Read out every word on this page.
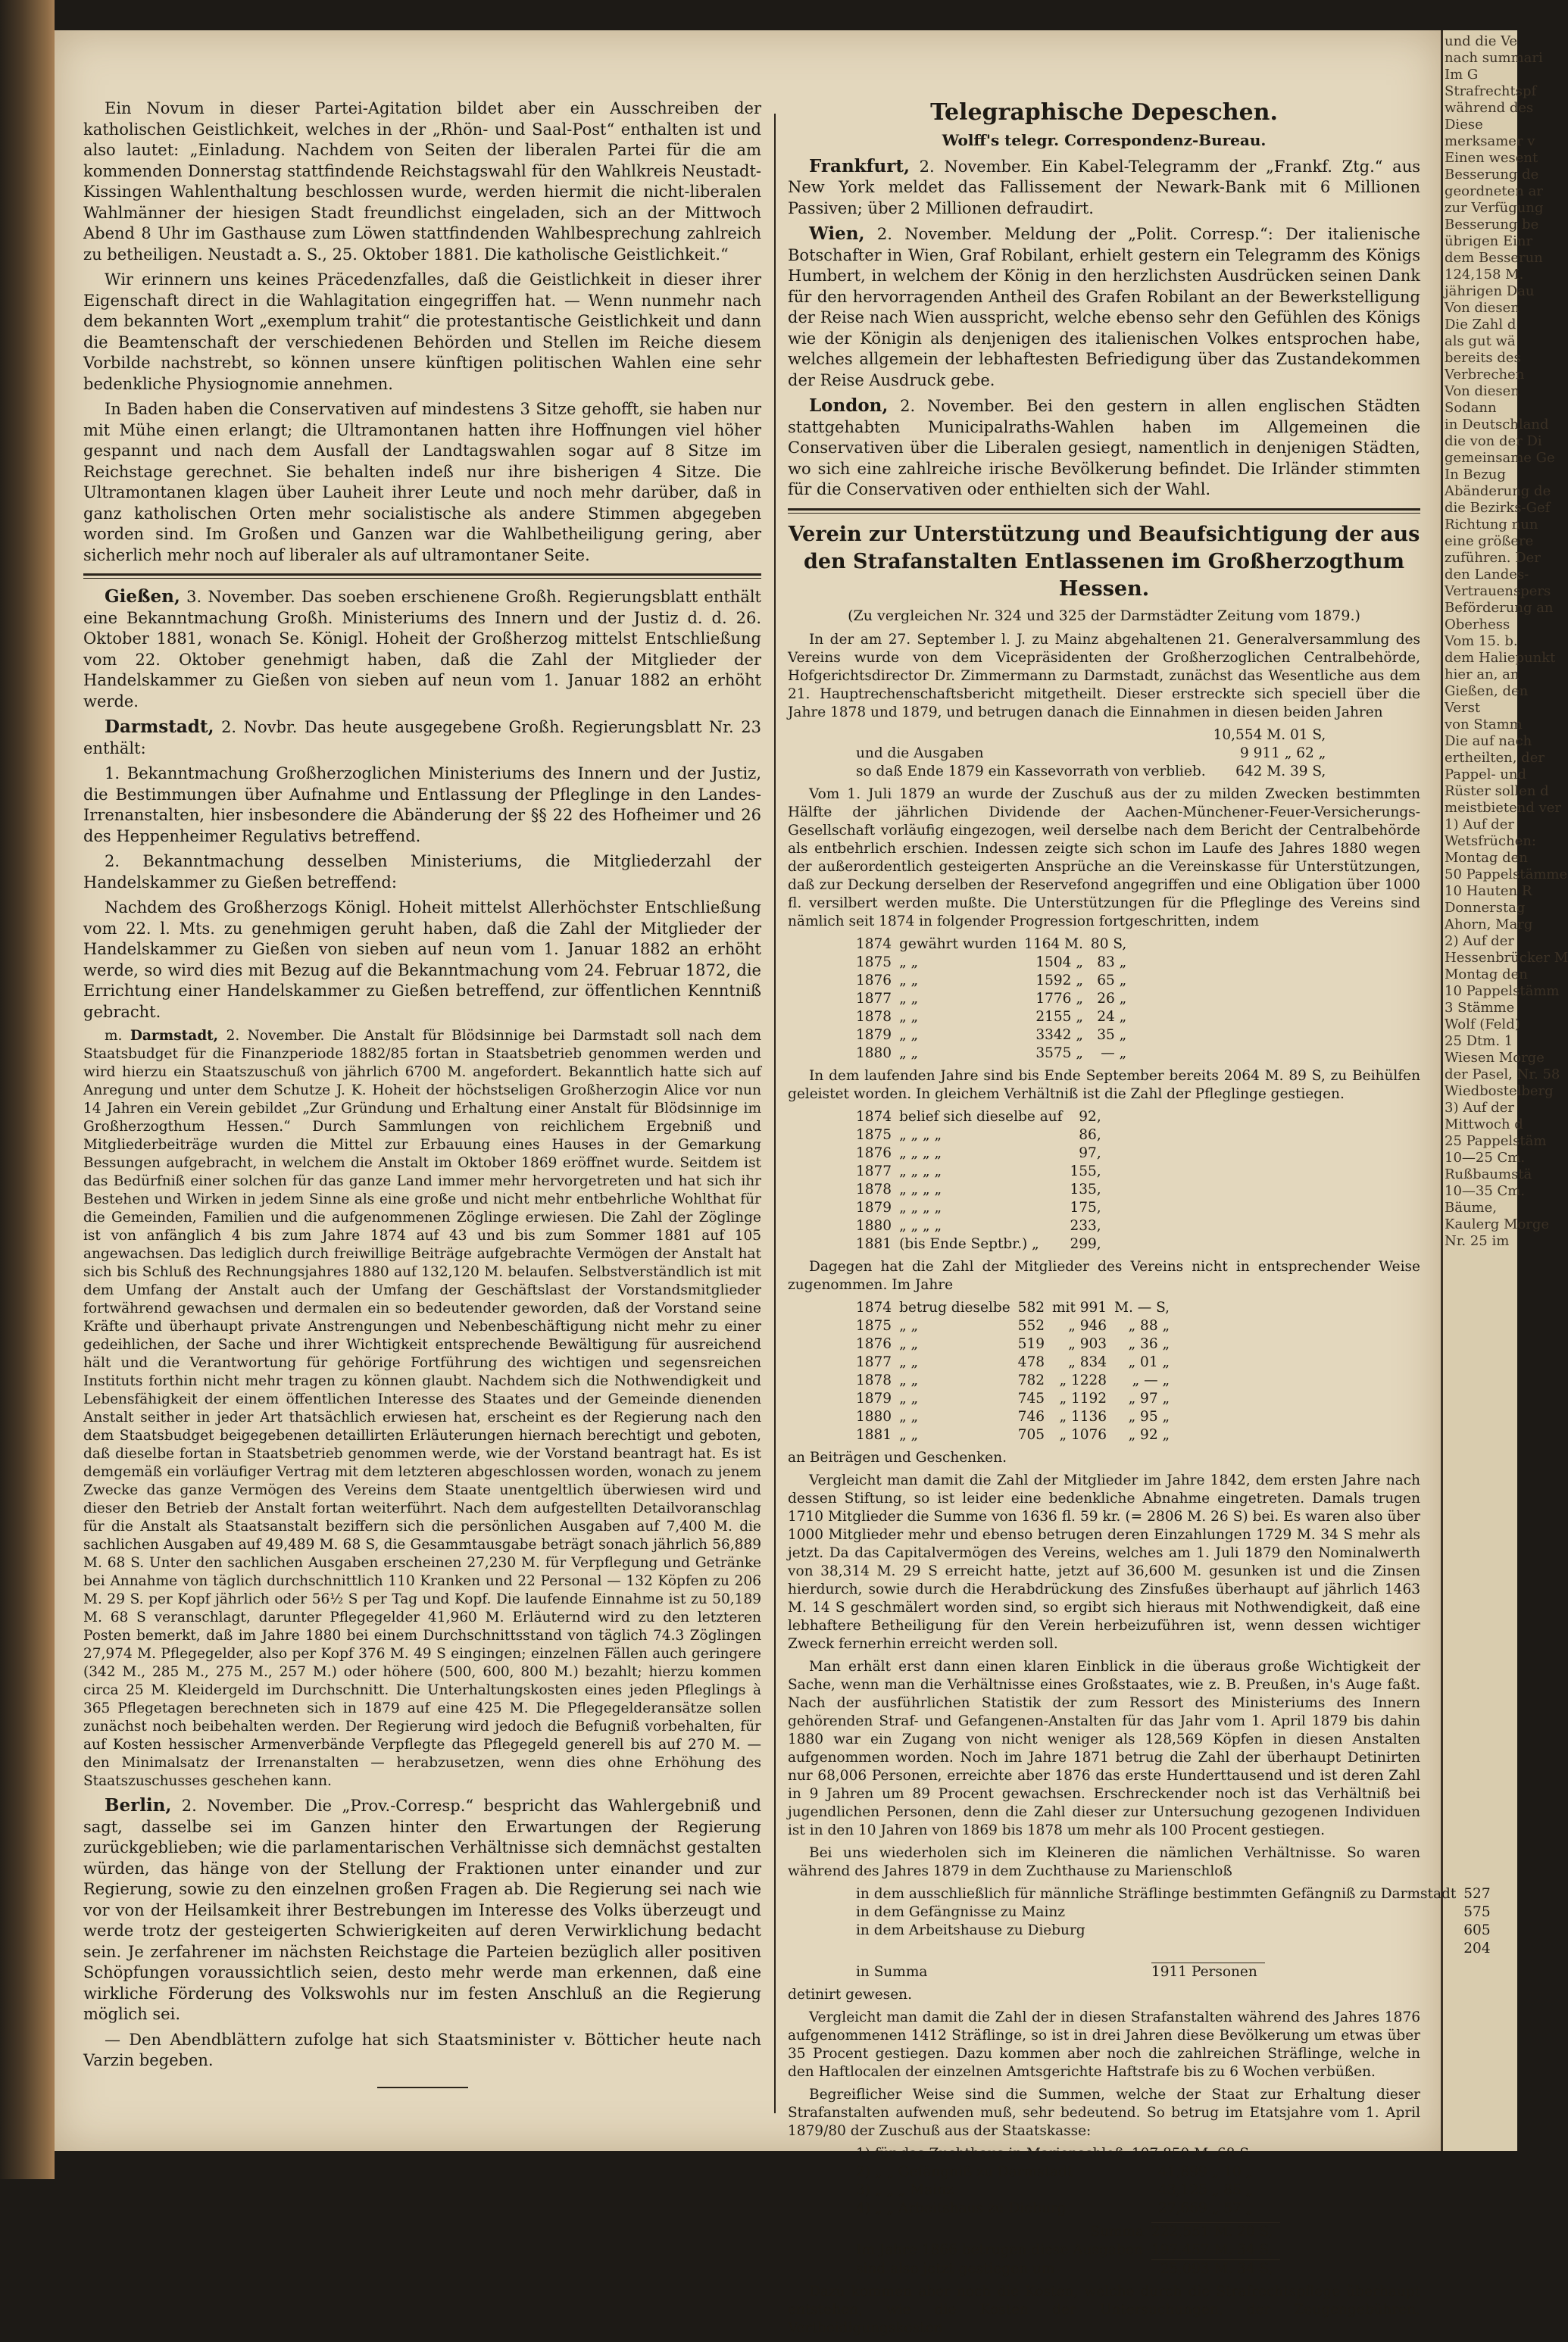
und die Ve
nach summari
Im G
Strafrechtspf
während des
Diese
merksamer v
Einen wesent
Besserung de
geordneten ar
zur Verfügung
Besserung be
übrigen Einr
dem Besserun
124,158 M.
jährigen Dau
Von diesen
Die Zahl d
als gut wä
bereits des
Verbrechen
Von diesen
Sodann
in Deutschland
die von der Di
gemeinsame Ge
In Bezug
Abänderung de
die Bezirks-Gef
Richtung nun
eine größere
zuführen. Der
den Landes-
Vertrauenspers
Beförderung an
Oberhess
Vom 15. b.
dem Haliepunkt
hier an, an
Gießen, den
Verst
von Stamm
Die auf nach
ertheilten, der
Pappel- und
Rüster sollen d
meistbietend ver
1) Auf der
Wetsfrüchen:
Montag den
50 Pappelstämme
10 Hauten R
Donnerstag
Ahorn, Marg
2) Auf der
Hessenbrücker M
Montag den
10 Pappelstämm
3 Stämme
Wolf (Feld)
25 Dtm. 1
Wiesen Morge
der Pasel, Nr. 58
Wiedbostelberg
3) Auf der
Mittwoch d
25 Pappelstäm
10—25 Cm.
Rußbaumstä
10—35 Cm.
Bäume,
Kaulerg Morge
Nr. 25 im

Ein Novum in dieser Partei-Agitation bildet aber ein Ausschreiben der katholischen Geistlichkeit, welches in der „Rhön- und Saal-Post“ enthalten ist und also lautet: „Einladung. Nachdem von Seiten der liberalen Partei für die am kommenden Donnerstag stattfindende Reichstagswahl für den Wahlkreis Neustadt-Kissingen Wahlenthaltung beschlossen wurde, werden hiermit die nicht-liberalen Wahlmänner der hiesigen Stadt freundlichst eingeladen, sich an der Mittwoch Abend 8 Uhr im Gasthause zum Löwen stattfindenden Wahlbesprechung zahlreich zu betheiligen. Neustadt a. S., 25. Oktober 1881. Die katholische Geistlichkeit.“

Wir erinnern uns keines Präcedenzfalles, daß die Geistlichkeit in dieser ihrer Eigenschaft direct in die Wahlagitation eingegriffen hat. — Wenn nunmehr nach dem bekannten Wort „exemplum trahit“ die protestantische Geistlichkeit und dann die Beamtenschaft der verschiedenen Behörden und Stellen im Reiche diesem Vorbilde nachstrebt, so können unsere künftigen politischen Wahlen eine sehr bedenkliche Physiognomie annehmen.

In Baden haben die Conservativen auf mindestens 3 Sitze gehofft, sie haben nur mit Mühe einen erlangt; die Ultramontanen hatten ihre Hoffnungen viel höher gespannt und nach dem Ausfall der Landtagswahlen sogar auf 8 Sitze im Reichstage gerechnet. Sie behalten indeß nur ihre bisherigen 4 Sitze. Die Ultramontanen klagen über Lauheit ihrer Leute und noch mehr darüber, daß in ganz katholischen Orten mehr socialistische als andere Stimmen abgegeben worden sind. Im Großen und Ganzen war die Wahlbetheiligung gering, aber sicherlich mehr noch auf liberaler als auf ultramontaner Seite.

Gießen, 3. November. Das soeben erschienene Großh. Regierungsblatt enthält eine Bekanntmachung Großh. Ministeriums des Innern und der Justiz d. d. 26. Oktober 1881, wonach Se. Königl. Hoheit der Großherzog mittelst Entschließung vom 22. Oktober genehmigt haben, daß die Zahl der Mitglieder der Handelskammer zu Gießen von sieben auf neun vom 1. Januar 1882 an erhöht werde.

Darmstadt, 2. Novbr. Das heute ausgegebene Großh. Regierungsblatt Nr. 23 enthält:

1. Bekanntmachung Großherzoglichen Ministeriums des Innern und der Justiz, die Bestimmungen über Aufnahme und Entlassung der Pfleglinge in den Landes-Irrenanstalten, hier insbesondere die Abänderung der §§ 22 des Hofheimer und 26 des Heppenheimer Regulativs betreffend.

2. Bekanntmachung desselben Ministeriums, die Mitgliederzahl der Handelskammer zu Gießen betreffend:

Nachdem des Großherzogs Königl. Hoheit mittelst Allerhöchster Entschließung vom 22. l. Mts. zu genehmigen geruht haben, daß die Zahl der Mitglieder der Handelskammer zu Gießen von sieben auf neun vom 1. Januar 1882 an erhöht werde, so wird dies mit Bezug auf die Bekanntmachung vom 24. Februar 1872, die Errichtung einer Handelskammer zu Gießen betreffend, zur öffentlichen Kenntniß gebracht.

m. Darmstadt, 2. November. Die Anstalt für Blödsinnige bei Darmstadt soll nach dem Staatsbudget für die Finanzperiode 1882/85 fortan in Staatsbetrieb genommen werden und wird hierzu ein Staatszuschuß von jährlich 6700 M. angefordert. Bekanntlich hatte sich auf Anregung und unter dem Schutze J. K. Hoheit der höchstseligen Großherzogin Alice vor nun 14 Jahren ein Verein gebildet „Zur Gründung und Erhaltung einer Anstalt für Blödsinnige im Großherzogthum Hessen.“ Durch Sammlungen von reichlichem Ergebniß und Mitgliederbeiträge wurden die Mittel zur Erbauung eines Hauses in der Gemarkung Bessungen aufgebracht, in welchem die Anstalt im Oktober 1869 eröffnet wurde. Seitdem ist das Bedürfniß einer solchen für das ganze Land immer mehr hervorgetreten und hat sich ihr Bestehen und Wirken in jedem Sinne als eine große und nicht mehr entbehrliche Wohlthat für die Gemeinden, Familien und die aufgenommenen Zöglinge erwiesen. Die Zahl der Zöglinge ist von anfänglich 4 bis zum Jahre 1874 auf 43 und bis zum Sommer 1881 auf 105 angewachsen. Das lediglich durch freiwillige Beiträge aufgebrachte Vermögen der Anstalt hat sich bis Schluß des Rechnungsjahres 1880 auf 132,120 M. belaufen. Selbstverständlich ist mit dem Umfang der Anstalt auch der Umfang der Geschäftslast der Vorstandsmitglieder fortwährend gewachsen und dermalen ein so bedeutender geworden, daß der Vorstand seine Kräfte und überhaupt private Anstrengungen und Nebenbeschäftigung nicht mehr zu einer gedeihlichen, der Sache und ihrer Wichtigkeit entsprechende Bewältigung für ausreichend hält und die Verantwortung für gehörige Fortführung des wichtigen und segensreichen Instituts forthin nicht mehr tragen zu können glaubt. Nachdem sich die Nothwendigkeit und Lebensfähigkeit der einem öffentlichen Interesse des Staates und der Gemeinde dienenden Anstalt seither in jeder Art thatsächlich erwiesen hat, erscheint es der Regierung nach den dem Staatsbudget beigegebenen detaillirten Erläuterungen hiernach berechtigt und geboten, daß dieselbe fortan in Staatsbetrieb genommen werde, wie der Vorstand beantragt hat. Es ist demgemäß ein vorläufiger Vertrag mit dem letzteren abgeschlossen worden, wonach zu jenem Zwecke das ganze Vermögen des Vereins dem Staate unentgeltlich überwiesen wird und dieser den Betrieb der Anstalt fortan weiterführt. Nach dem aufgestellten Detailvoranschlag für die Anstalt als Staatsanstalt beziffern sich die persönlichen Ausgaben auf 7,400 M. die sachlichen Ausgaben auf 49,489 M. 68 S, die Gesammtausgabe beträgt sonach jährlich 56,889 M. 68 S. Unter den sachlichen Ausgaben erscheinen 27,230 M. für Verpflegung und Getränke bei Annahme von täglich durchschnittlich 110 Kranken und 22 Personal — 132 Köpfen zu 206 M. 29 S. per Kopf jährlich oder 56½ S per Tag und Kopf. Die laufende Einnahme ist zu 50,189 M. 68 S veranschlagt, darunter Pflegegelder 41,960 M. Erläuternd wird zu den letzteren Posten bemerkt, daß im Jahre 1880 bei einem Durchschnittsstand von täglich 74.3 Zöglingen 27,974 M. Pflegegelder, also per Kopf 376 M. 49 S eingingen; einzelnen Fällen auch geringere (342 M., 285 M., 275 M., 257 M.) oder höhere (500, 600, 800 M.) bezahlt; hierzu kommen circa 25 M. Kleidergeld im Durchschnitt. Die Unterhaltungskosten eines jeden Pfleglings à 365 Pflegetagen berechneten sich in 1879 auf eine 425 M. Die Pflegegelderansätze sollen zunächst noch beibehalten werden. Der Regierung wird jedoch die Befugniß vorbehalten, für auf Kosten hessischer Armenverbände Verpflegte das Pflegegeld generell bis auf 270 M. — den Minimalsatz der Irrenanstalten — herabzusetzen, wenn dies ohne Erhöhung des Staatszuschusses geschehen kann.

Berlin, 2. November. Die „Prov.-Corresp.“ bespricht das Wahlergebniß und sagt, dasselbe sei im Ganzen hinter den Erwartungen der Regierung zurückgeblieben; wie die parlamentarischen Verhältnisse sich demnächst gestalten würden, das hänge von der Stellung der Fraktionen unter einander und zur Regierung, sowie zu den einzelnen großen Fragen ab. Die Regierung sei nach wie vor von der Heilsamkeit ihrer Bestrebungen im Interesse des Volks überzeugt und werde trotz der gesteigerten Schwierigkeiten auf deren Verwirklichung bedacht sein. Je zerfahrener im nächsten Reichstage die Parteien bezüglich aller positiven Schöpfungen voraussichtlich seien, desto mehr werde man erkennen, daß eine wirkliche Förderung des Volkswohls nur im festen Anschluß an die Regierung möglich sei.

— Den Abendblättern zufolge hat sich Staatsminister v. Bötticher heute nach Varzin begeben.

Telegraphische Depeschen.

Wolff's telegr. Correspondenz-Bureau.

Frankfurt, 2. November. Ein Kabel-Telegramm der „Frankf. Ztg.“ aus New York meldet das Fallissement der Newark-Bank mit 6 Millionen Passiven; über 2 Millionen defraudirt.

Wien, 2. November. Meldung der „Polit. Corresp.“: Der italienische Botschafter in Wien, Graf Robilant, erhielt gestern ein Telegramm des Königs Humbert, in welchem der König in den herzlichsten Ausdrücken seinen Dank für den hervorragenden Antheil des Grafen Robilant an der Bewerkstelligung der Reise nach Wien ausspricht, welche ebenso sehr den Gefühlen des Königs wie der Königin als denjenigen des italienischen Volkes entsprochen habe, welches allgemein der lebhaftesten Befriedigung über das Zustandekommen der Reise Ausdruck gebe.

London, 2. November. Bei den gestern in allen englischen Städten stattgehabten Municipalraths-Wahlen haben im Allgemeinen die Conservativen über die Liberalen gesiegt, namentlich in denjenigen Städten, wo sich eine zahlreiche irische Bevölkerung befindet. Die Irländer stimmten für die Conservativen oder enthielten sich der Wahl.

Verein zur Unterstützung und Beaufsichtigung der aus den Strafanstalten Entlassenen im Großherzogthum Hessen.
(Zu vergleichen Nr. 324 und 325 der Darmstädter Zeitung vom 1879.)

In der am 27. September l. J. zu Mainz abgehaltenen 21. Generalversammlung des Vereins wurde von dem Vicepräsidenten der Großherzoglichen Centralbehörde, Hofgerichtsdirector Dr. Zimmermann zu Darmstadt, zunächst das Wesentliche aus dem 21. Hauptrechenschaftsbericht mitgetheilt. Dieser erstreckte sich speciell über die Jahre 1878 und 1879, und betrugen danach die Einnahmen in diesen beiden Jahren

	10,554 M. 01 S,
und die Ausgaben	9 911 „ 62 „
so daß Ende 1879 ein Kassevorrath von verblieb.	642 M. 39 S,

Vom 1. Juli 1879 an wurde der Zuschuß aus der zu milden Zwecken bestimmten Hälfte der jährlichen Dividende der Aachen-Münchener-Feuer-Versicherungs-Gesellschaft vorläufig eingezogen, weil derselbe nach dem Bericht der Centralbehörde als entbehrlich erschien. Indessen zeigte sich schon im Laufe des Jahres 1880 wegen der außerordentlich gesteigerten Ansprüche an die Vereinskasse für Unterstützungen, daß zur Deckung derselben der Reservefond angegriffen und eine Obligation über 1000 fl. versilbert werden mußte. Die Unterstützungen für die Pfleglinge des Vereins sind nämlich seit 1874 in folgender Progression fortgeschritten, indem

1874	gewährt wurden	1164 M.	80 S,
1875	„ „	1504 „	83 „
1876	„ „	1592 „	65 „
1877	„ „	1776 „	26 „
1878	„ „	2155 „	24 „
1879	„ „	3342 „	35 „
1880	„ „	3575 „	— „

In dem laufenden Jahre sind bis Ende September bereits 2064 M. 89 S, zu Beihülfen geleistet worden. In gleichem Verhältniß ist die Zahl der Pfleglinge gestiegen.

1874	belief sich dieselbe auf	92,
1875	„ „ „ „	86,
1876	„ „ „ „	97,
1877	„ „ „ „	155,
1878	„ „ „ „	135,
1879	„ „ „ „	175,
1880	„ „ „ „	233,
1881	(bis Ende Septbr.) „	299,

Dagegen hat die Zahl der Mitglieder des Vereins nicht in entsprechender Weise zugenommen. Im Jahre

1874	betrug dieselbe	582	mit 991	M. — S,
1875	„ „	552	„ 946	„ 88 „
1876	„ „	519	„ 903	„ 36 „
1877	„ „	478	„ 834	„ 01 „
1878	„ „	782	„ 1228	„ — „
1879	„ „	745	„ 1192	„ 97 „
1880	„ „	746	„ 1136	„ 95 „
1881	„ „	705	„ 1076	„ 92 „

an Beiträgen und Geschenken.

Vergleicht man damit die Zahl der Mitglieder im Jahre 1842, dem ersten Jahre nach dessen Stiftung, so ist leider eine bedenkliche Abnahme eingetreten. Damals trugen 1710 Mitglieder die Summe von 1636 fl. 59 kr. (= 2806 M. 26 S) bei. Es waren also über 1000 Mitglieder mehr und ebenso betrugen deren Einzahlungen 1729 M. 34 S mehr als jetzt. Da das Capitalvermögen des Vereins, welches am 1. Juli 1879 den Nominalwerth von 38,314 M. 29 S erreicht hatte, jetzt auf 36,600 M. gesunken ist und die Zinsen hierdurch, sowie durch die Herabdrückung des Zinsfußes überhaupt auf jährlich 1463 M. 14 S geschmälert worden sind, so ergibt sich hieraus mit Nothwendigkeit, daß eine lebhaftere Betheiligung für den Verein herbeizuführen ist, wenn dessen wichtiger Zweck fernerhin erreicht werden soll.

Man erhält erst dann einen klaren Einblick in die überaus große Wichtigkeit der Sache, wenn man die Verhältnisse eines Großstaates, wie z. B. Preußen, in's Auge faßt. Nach der ausführlichen Statistik der zum Ressort des Ministeriums des Innern gehörenden Straf- und Gefangenen-Anstalten für das Jahr vom 1. April 1879 bis dahin 1880 war ein Zugang von nicht weniger als 128,569 Köpfen in diesen Anstalten aufgenommen worden. Noch im Jahre 1871 betrug die Zahl der überhaupt Detinirten nur 68,006 Personen, erreichte aber 1876 das erste Hunderttausend und ist deren Zahl in 9 Jahren um 89 Procent gewachsen. Erschreckender noch ist das Verhältniß bei jugendlichen Personen, denn die Zahl dieser zur Untersuchung gezogenen Individuen ist in den 10 Jahren von 1869 bis 1878 um mehr als 100 Procent gestiegen.

Bei uns wiederholen sich im Kleineren die nämlichen Verhältnisse. So waren während des Jahres 1879 in dem Zuchthause zu Marienschloß

in dem ausschließlich für männliche Sträflinge bestimmten Gefängniß zu Darmstadt	527
in dem Gefängnisse zu Mainz	575
in dem Arbeitshause zu Dieburg	605
	204
in Summa	1911 Personen

detinirt gewesen.

Vergleicht man damit die Zahl der in diesen Strafanstalten während des Jahres 1876 aufgenommenen 1412 Sträflinge, so ist in drei Jahren diese Bevölkerung um etwas über 35 Procent gestiegen. Dazu kommen aber noch die zahlreichen Sträflinge, welche in den Haftlocalen der einzelnen Amtsgerichte Haftstrafe bis zu 6 Wochen verbüßen.

Begreiflicher Weise sind die Summen, welche der Staat zur Erhaltung dieser Strafanstalten aufwenden muß, sehr bedeutend. So betrug im Etatsjahre vom 1. April 1879/80 der Zuschuß aus der Staatskasse:

1) für das Zuchthaus in Marienschloß	107,850 M. 68 S,
2) „ „ Gefängniß zu Darmstadt	41,899 „ 10 „
3) „ „ „ Mainz	43,125 „ 85 „
4) „ „ Arbeitshaus zu Dieburg	27,669 „ 57 „
Summa	222,551 M. 20 S,
Im Jahre 1866 betrugen diese Ausgaben	197,457 M. 34 S,
sind also jetzt gestiegen um	25,093 M. 34 S,

Dazu kommen aber noch die Kosten, welche durch die Strafrechtspflege überhaupt entstehen, wie die Kosten der Untersuchungen, der Zeugengebühren, Vertheidigungskosten
